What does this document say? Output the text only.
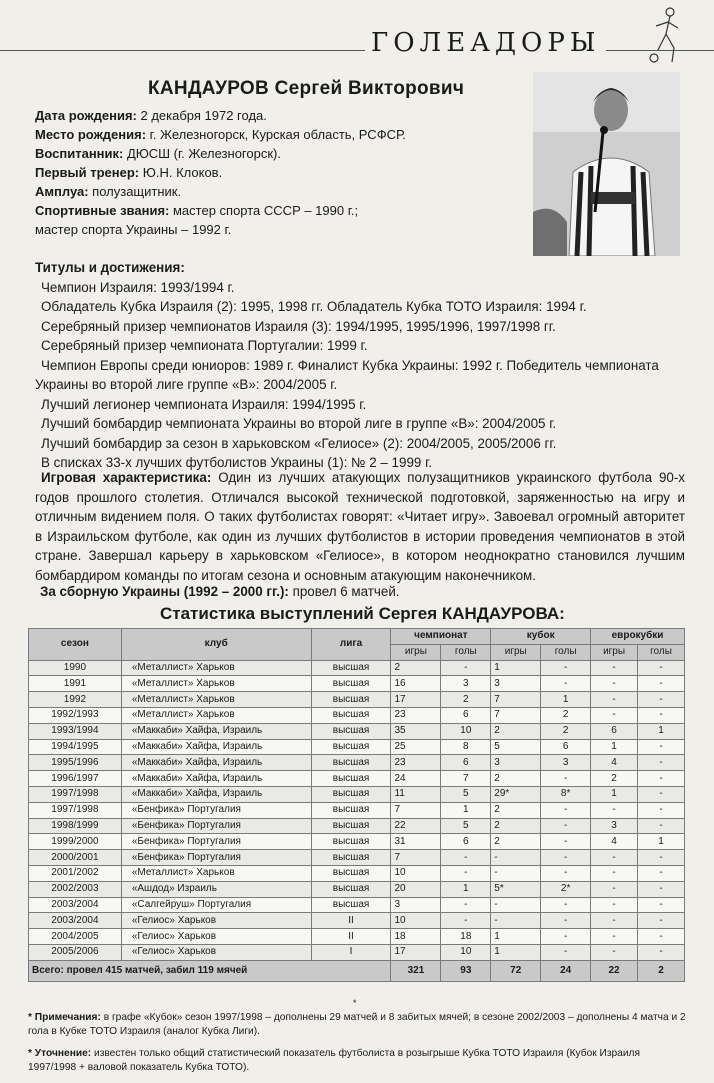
ГОЛЕАДОРЫ
КАНДАУРОВ Сергей Викторович
Дата рождения: 2 декабря 1972 года.
Место рождения: г. Железногорск, Курская область, РСФСР.
Воспитанник: ДЮСШ (г. Железногорск).
Первый тренер: Ю.Н. Клоков.
Амплуа: полузащитник.
Спортивные звания: мастер спорта СССР – 1990 г.;
мастер спорта Украины – 1992 г.
Титулы и достижения:
Чемпион Израиля: 1993/1994 г.
Обладатель Кубка Израиля (2): 1995, 1998 гг. Обладатель Кубка ТОТО Израиля: 1994 г.
Серебряный призер чемпионатов Израиля (3): 1994/1995, 1995/1996, 1997/1998 гг.
Серебряный призер чемпионата Португалии: 1999 г.
Чемпион Европы среди юниоров: 1989 г. Финалист Кубка Украины: 1992 г. Победитель чемпионата Украины во второй лиге группе «В»: 2004/2005 г.
Лучший легионер чемпионата Израиля: 1994/1995 г.
Лучший бомбардир чемпионата Украины во второй лиге в группе «В»: 2004/2005 г.
Лучший бомбардир за сезон в харьковском «Гелиосе» (2): 2004/2005, 2005/2006 гг.
В списках 33-х лучших футболистов Украины (1): № 2 – 1999 г.
Игровая характеристика: Один из лучших атакующих полузащитников украинского футбола 90-х годов прошлого столетия. Отличался высокой технической подготовкой, заряженностью на игру и отличным видением поля. О таких футболистах говорят: «Читает игру». Завоевал огромный авторитет в Израильском футболе, как один из лучших футболистов в истории проведения чемпионатов в этой стране. Завершал карьеру в харьковском «Гелиосе», в котором неоднократно становился лучшим бомбардиром команды по итогам сезона и основным атакующим наконечником.
За сборную Украины (1992 – 2000 гг.): провел 6 матчей.
Статистика выступлений Сергея КАНДАУРОВА:
сезон	клуб	лига	чемпионат		кубок		еврокубки	
			игры	голы	игры	голы	игры	голы
1990	«Металлист» Харьков	высшая	2	-	1	-	-	-
1991	«Металлист» Харьков	высшая	16	3	3	-	-	-
1992	«Металлист» Харьков	высшая	17	2	7	1	-	-
1992/1993	«Металлист» Харьков	высшая	23	6	7	2	-	-
1993/1994	«Маккаби» Хайфа, Израиль	высшая	35	10	2	2	6	1
1994/1995	«Маккаби» Хайфа, Израиль	высшая	25	8	5	6	1	-
1995/1996	«Маккаби» Хайфа, Израиль	высшая	23	6	3	3	4	-
1996/1997	«Маккаби» Хайфа, Израиль	высшая	24	7	2	-	2	-
1997/1998	«Маккаби» Хайфа, Израиль	высшая	11	5	29*	8*	1	-
1997/1998	«Бенфика» Португалия	высшая	7	1	2	-	-	-
1998/1999	«Бенфика» Португалия	высшая	22	5	2	-	3	-
1999/2000	«Бенфика» Португалия	высшая	31	6	2	-	4	1
2000/2001	«Бенфика» Португалия	высшая	7	-	-	-	-	-
2001/2002	«Металлист» Харьков	высшая	10	-	-	-	-	-
2002/2003	«Ашдод» Израиль	высшая	20	1	5*	2*	-	-
2003/2004	«Салгейруш» Португалия	высшая	3	-	-	-	-	-
2003/2004	«Гелиос» Харьков	II	10	-	-	-	-	-
2004/2005	«Гелиос» Харьков	II	18	18	1	-	-	-
2005/2006	«Гелиос» Харьков	I	17	10	1	-	-	-
Всего: провел 415 матчей, забил 119 мячей			321	93	72	24	22	2
*

* Примечания: в графе «Кубок» сезон 1997/1998 – дополнены 29 матчей и 8 забитых мячей; в сезоне 2002/2003 – дополнены 4 матча и 2 гола в Кубке ТОТО Израиля (аналог Кубка Лиги).

* Уточнение: известен только общий статистический показатель футболиста в розыгрыше Кубка ТОТО Израиля (Кубок Израиля 1997/1998 + валовой показатель Кубка ТОТО).
